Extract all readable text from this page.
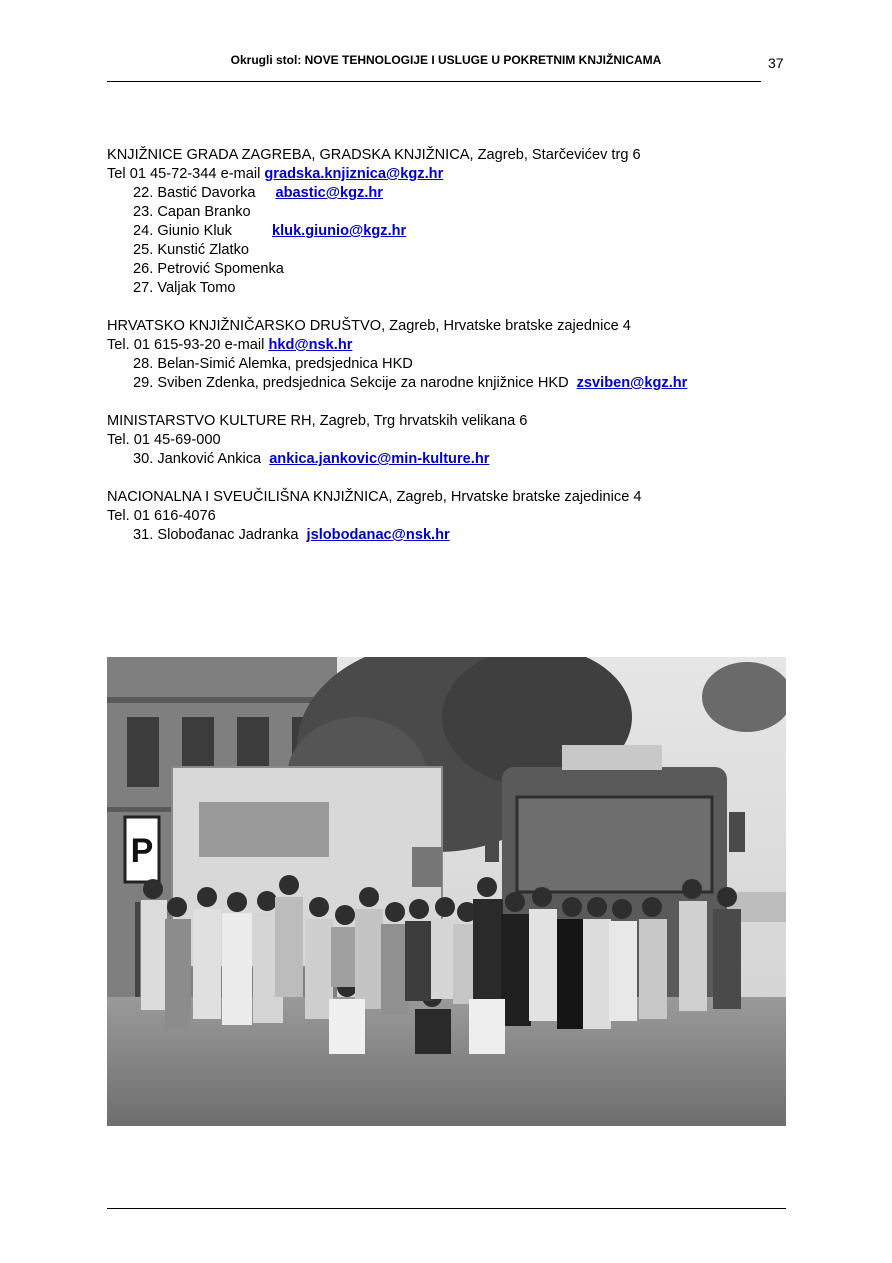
Okrugli stol: NOVE TEHNOLOGIJE I USLUGE U POKRETNIM KNJIŽNICAMA	37
KNJIŽNICE GRADA ZAGREBA, GRADSKA KNJIŽNICA, Zagreb, Starčevićev trg 6
Tel 01 45-72-344 e-mail gradska.knjiznica@kgz.hr
22. Bastić Davorka abastic@kgz.hr
23. Capan Branko
24. Giunio Kluk	kluk.giunio@kgz.hr
25. Kunstić Zlatko
26. Petrović Spomenka
27. Valjak Tomo
HRVATSKO KNJIŽNIČARSKO DRUŠTVO, Zagreb, Hrvatske bratske zajednice 4
Tel. 01 615-93-20 e-mail hkd@nsk.hr
28. Belan-Simić Alemka, predsjednica HKD
29. Sviben Zdenka, predsjednica Sekcije za narodne knjižnice HKD zsviben@kgz.hr
MINISTARSTVO KULTURE RH, Zagreb, Trg hrvatskih velikana 6
Tel. 01 45-69-000
30. Janković Ankica ankica.jankovic@min-kulture.hr
NACIONALNA I SVEUČILIŠNA KNJIŽNICA, Zagreb, Hrvatske bratske zajedinice 4
Tel. 01 616-4076
31. Slobođanac Jadranka jslobodanac@nsk.hr
P
